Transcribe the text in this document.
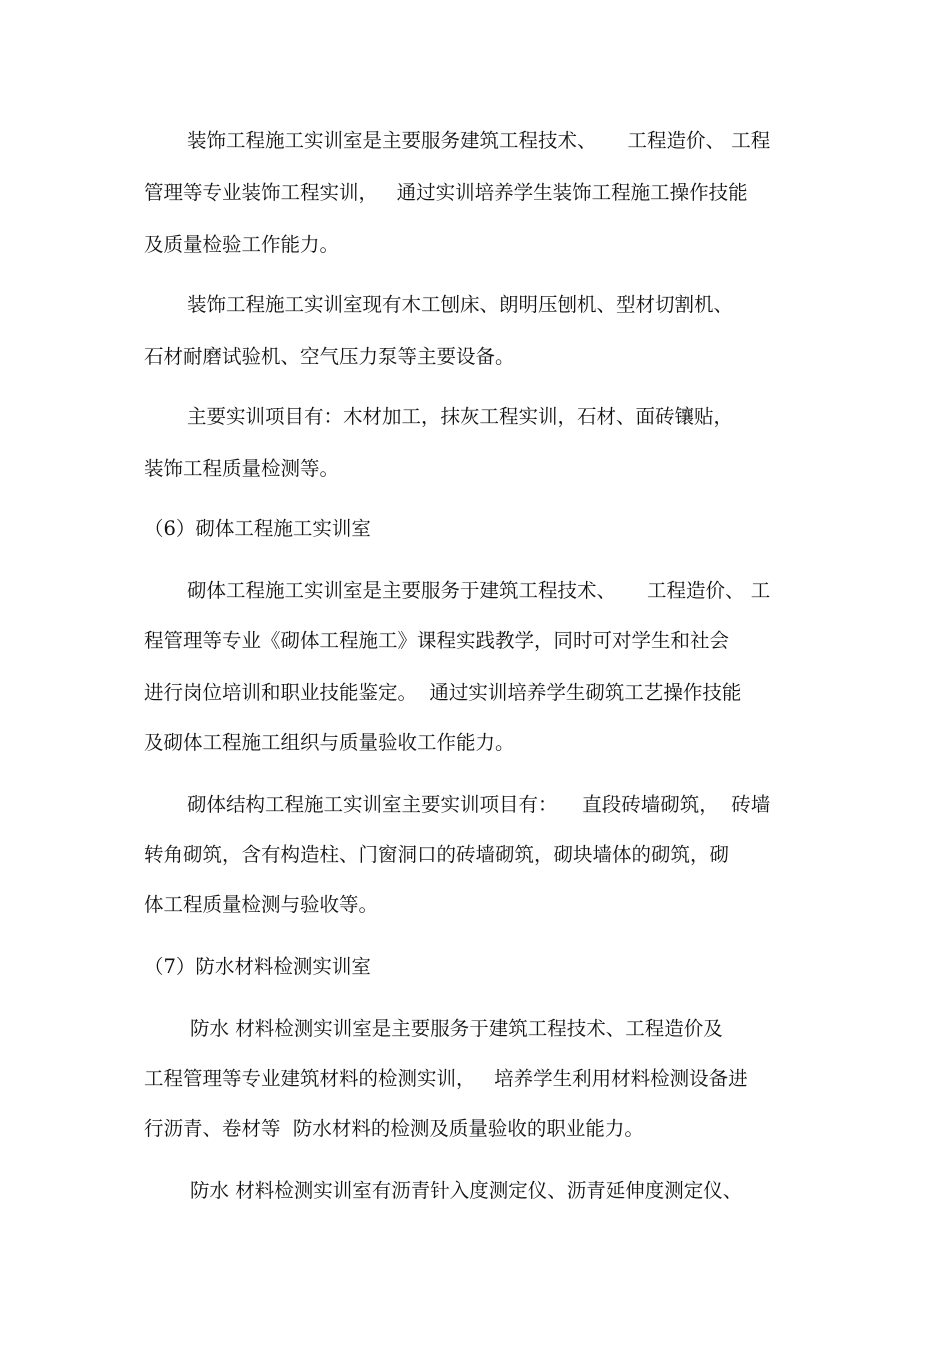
装饰工程施工实训室是主要服务建筑工程技术、     工程造价、 工程
管理等专业装饰工程实训，   通过实训培养学生装饰工程施工操作技能
及质量检验工作能力。
装饰工程施工实训室现有木工刨床、朗明压刨机、型材切割机、
石材耐磨试验机、空气压力泵等主要设备。
主要实训项目有：木材加工，抹灰工程实训，石材、面砖镶贴，
装饰工程质量检测等。
（6）砌体工程施工实训室
砌体工程施工实训室是主要服务于建筑工程技术、     工程造价、 工
程管理等专业《砌体工程施工》课程实践教学，同时可对学生和社会
进行岗位培训和职业技能鉴定。  通过实训培养学生砌筑工艺操作技能
及砌体工程施工组织与质量验收工作能力。
砌体结构工程施工实训室主要实训项目有：    直段砖墙砌筑，  砖墙
转角砌筑，含有构造柱、门窗洞口的砖墙砌筑，砌块墙体的砌筑，砌
体工程质量检测与验收等。
（7）防水材料检测实训室
防水 材料检测实训室是主要服务于建筑工程技术、工程造价及
工程管理等专业建筑材料的检测实训，   培养学生利用材料检测设备进
行沥青、卷材等  防水材料的检测及质量验收的职业能力。
防水 材料检测实训室有沥青针入度测定仪、沥青延伸度测定仪、
